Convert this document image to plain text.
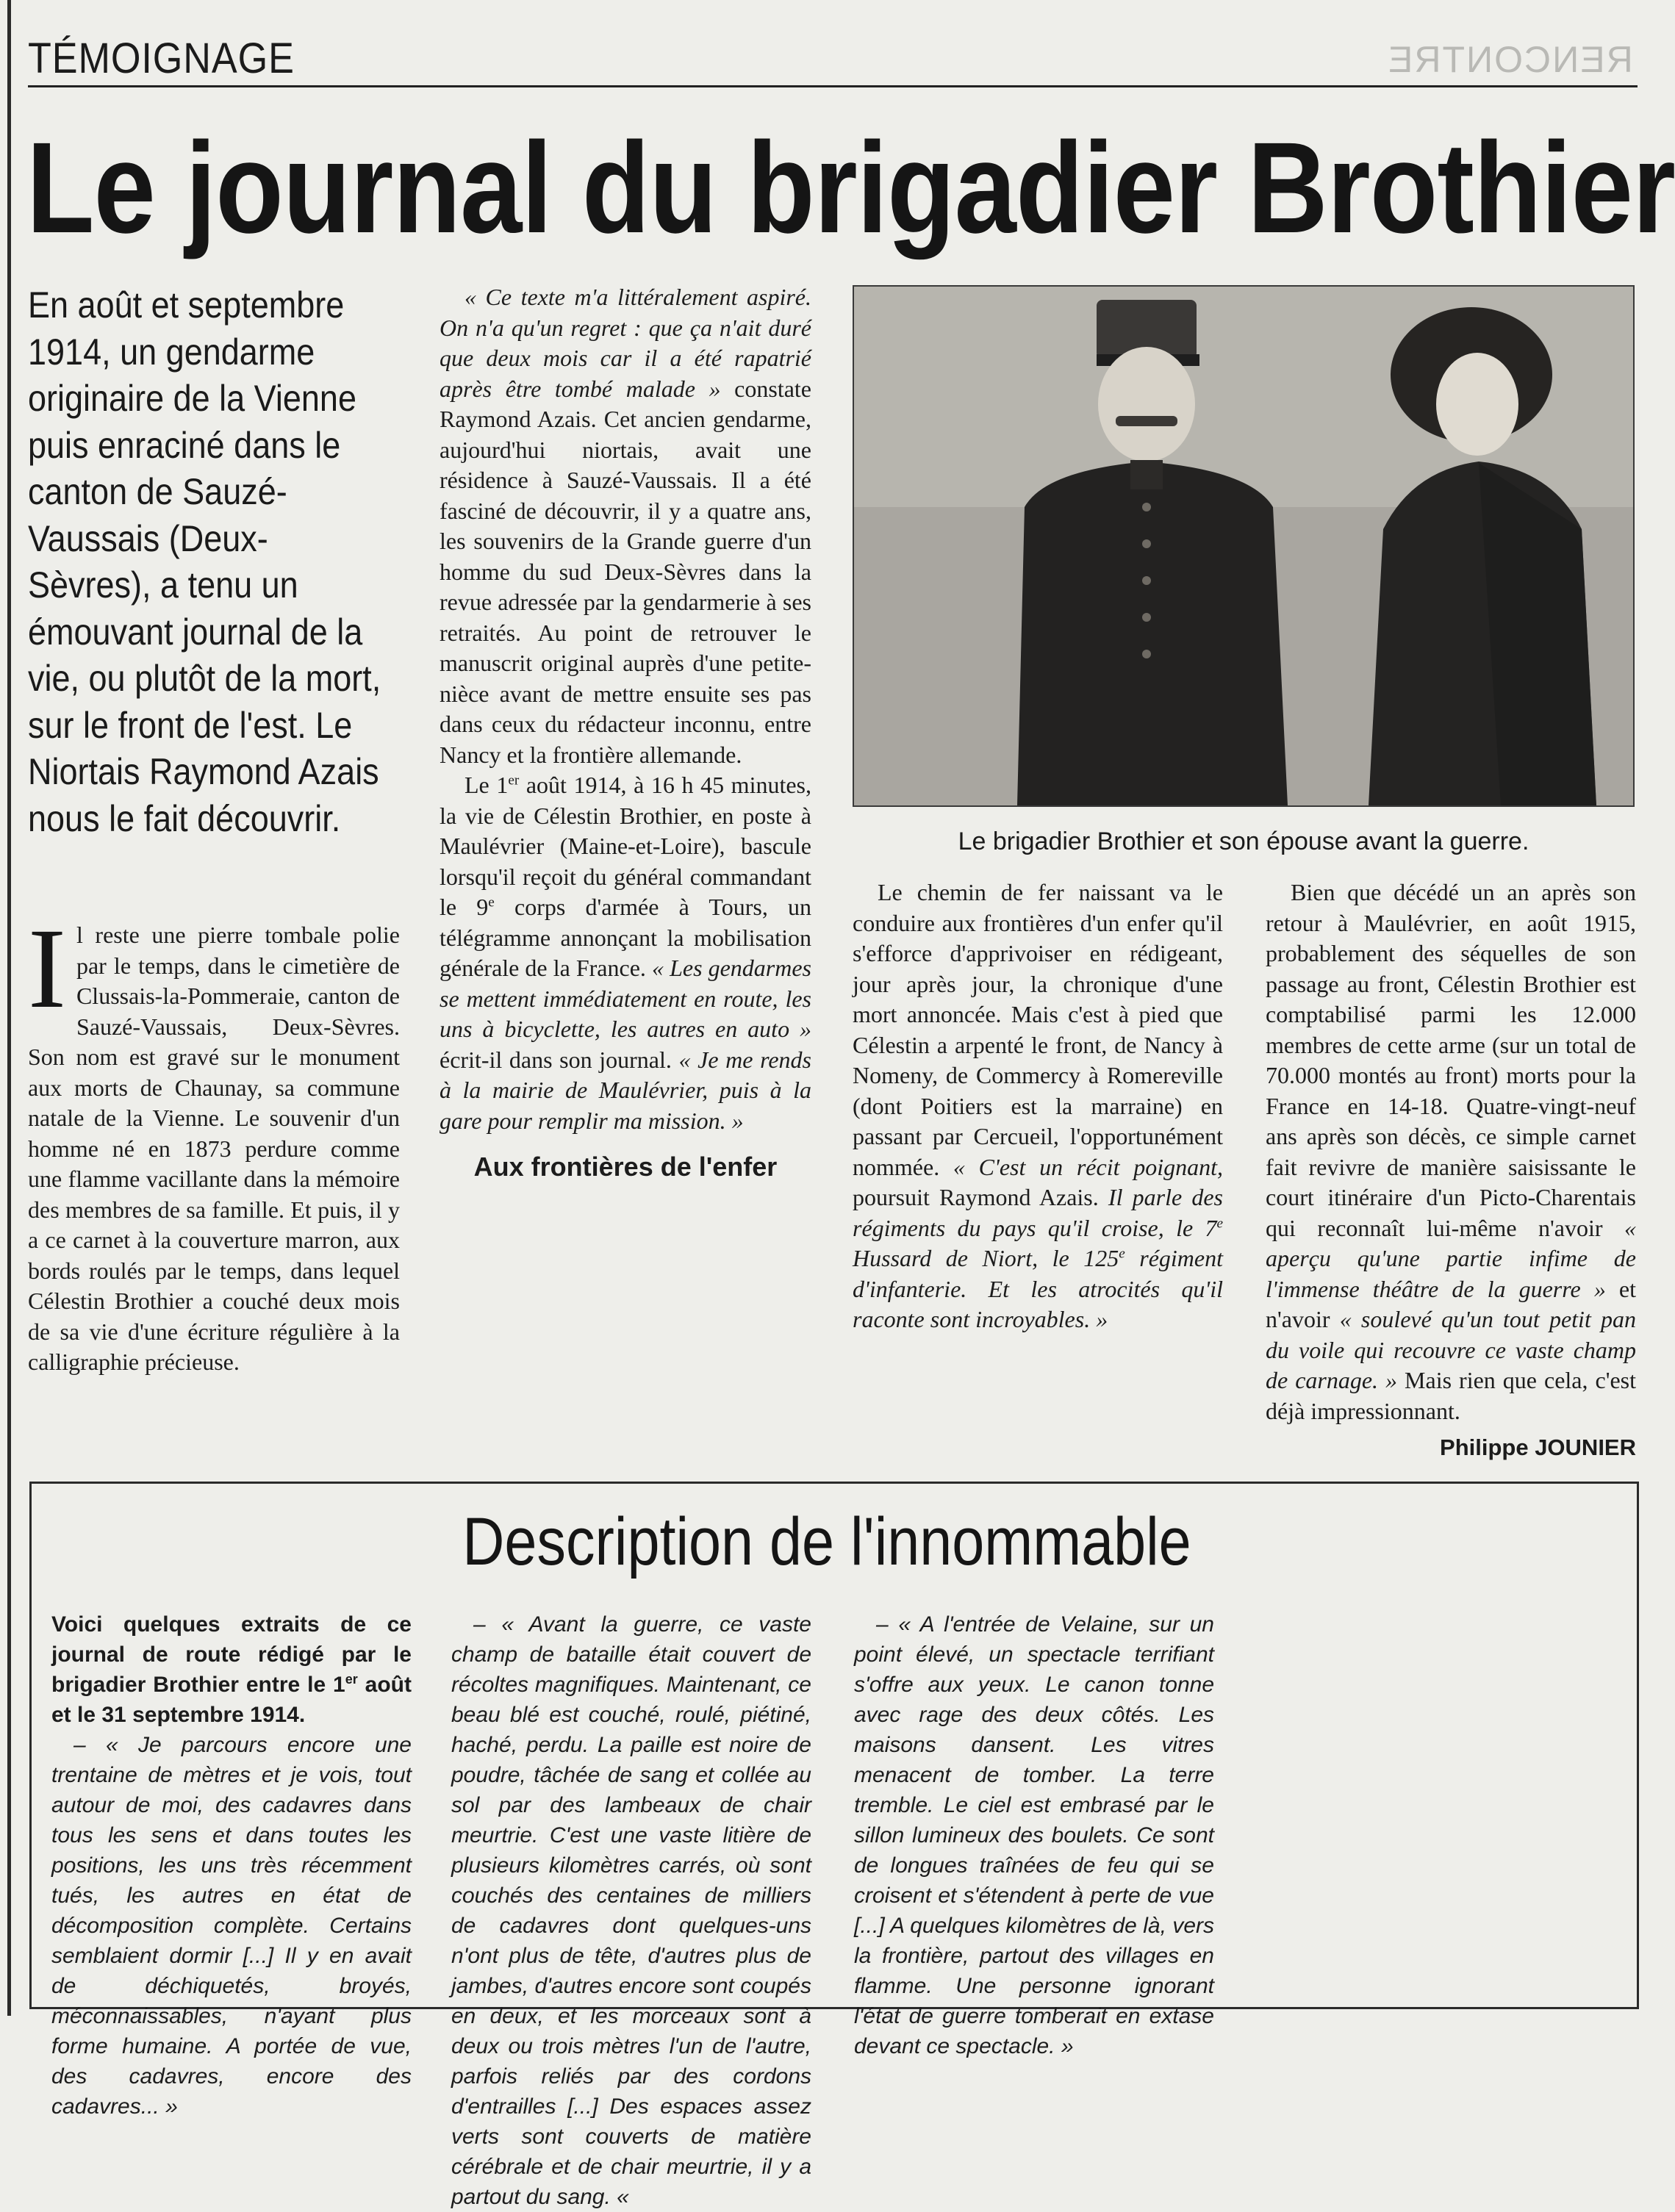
TÉMOIGNAGE	RENCONTRE
Le journal du brigadier Brothier
En août et septembre 1914, un gendarme originaire de la Vienne puis enraciné dans le canton de Sauzé-Vaussais (Deux-Sèvres), a tenu un émouvant journal de la vie, ou plutôt de la mort, sur le front de l'est. Le Niortais Raymond Azais nous le fait découvrir.

Il reste une pierre tombale polie par le temps, dans le cimetière de Clussais-la-Pommeraie, canton de Sauzé-Vaussais, Deux-Sèvres. Son nom est gravé sur le monument aux morts de Chaunay, sa commune natale de la Vienne. Le souvenir d'un homme né en 1873 perdure comme une flamme vacillante dans la mémoire des membres de sa famille. Et puis, il y a ce carnet à la couverture marron, aux bords roulés par le temps, dans lequel Célestin Brothier a couché deux mois de sa vie d'une écriture régulière à la calligraphie précieuse.

« Ce texte m'a littéralement aspiré. On n'a qu'un regret : que ça n'ait duré que deux mois car il a été rapatrié après être tombé malade » constate Raymond Azais. Cet ancien gendarme, aujourd'hui niortais, avait une résidence à Sauzé-Vaussais. Il a été fasciné de découvrir, il y a quatre ans, les souvenirs de la Grande guerre d'un homme du sud Deux-Sèvres dans la revue adressée par la gendarmerie à ses retraités. Au point de retrouver le manuscrit original auprès d'une petite-nièce avant de mettre ensuite ses pas dans ceux du rédacteur inconnu, entre Nancy et la frontière allemande.

Le 1er août 1914, à 16 h 45 minutes, la vie de Célestin Brothier, en poste à Maulévrier (Maine-et-Loire), bascule lorsqu'il reçoit du général commandant le 9e corps d'armée à Tours, un télégramme annonçant la mobilisation générale de la France. « Les gendarmes se mettent immédiatement en route, les uns à bicyclette, les autres en auto » écrit-il dans son journal. « Je me rends à la mairie de Maulévrier, puis à la gare pour remplir ma mission. »

Aux frontières de l'enfer

Le chemin de fer naissant va le conduire aux frontières d'un enfer qu'il s'efforce d'apprivoiser en rédigeant, jour après jour, la chronique d'une mort annoncée. Mais c'est à pied que Célestin a arpenté le front, de Nancy à Nomeny, de Commercy à Romereville (dont Poitiers est la marraine) en passant par Cercueil, l'opportunément nommée. « C'est un récit poignant, poursuit Raymond Azais. Il parle des régiments du pays qu'il croise, le 7e Hussard de Niort, le 125e régiment d'infanterie. Et les atrocités qu'il raconte sont incroyables. »

Bien que décédé un an après son retour à Maulévrier, en août 1915, probablement des séquelles de son passage au front, Célestin Brothier est comptabilisé parmi les 12.000 membres de cette arme (sur un total de 70.000 montés au front) morts pour la France en 14-18. Quatre-vingt-neuf ans après son décès, ce simple carnet fait revivre de manière saisissante le court itinéraire d'un Picto-Charentais qui reconnaît lui-même n'avoir « aperçu qu'une partie infime de l'immense théâtre de la guerre » et n'avoir « soulevé qu'un tout petit pan du voile qui recouvre ce vaste champ de carnage. » Mais rien que cela, c'est déjà impressionnant.

Philippe JOUNIER
Le brigadier Brothier et son épouse avant la guerre.
Description de l'innommable

Voici quelques extraits de ce journal de route rédigé par le brigadier Brothier entre le 1er août et le 31 septembre 1914.

– « Je parcours encore une trentaine de mètres et je vois, tout autour de moi, des cadavres dans tous les sens et dans toutes les positions, les uns très récemment tués, les autres en état de décomposition complète. Certains semblaient dormir [...] Il y en avait de déchiquetés, broyés, méconnaissables, n'ayant plus forme humaine. A portée de vue, des cadavres, encore des cadavres... »

– « Avant la guerre, ce vaste champ de bataille était couvert de récoltes magnifiques. Maintenant, ce beau blé est couché, roulé, piétiné, haché, perdu. La paille est noire de poudre, tâchée de sang et collée au sol par des lambeaux de chair meurtrie. C'est une vaste litière de plusieurs kilomètres carrés, où sont couchés des centaines de milliers de cadavres dont quelques-uns n'ont plus de tête, d'autres plus de jambes, d'autres encore sont coupés en deux, et les morceaux sont à deux ou trois mètres l'un de l'autre, parfois reliés par des cordons d'entrailles [...] Des espaces assez verts sont couverts de matière cérébrale et de chair meurtrie, il y a partout du sang. «

– « A l'entrée de Velaine, sur un point élevé, un spectacle terrifiant s'offre aux yeux. Le canon tonne avec rage des deux côtés. Les maisons dansent. Les vitres menacent de tomber. La terre tremble. Le ciel est embrasé par le sillon lumineux des boulets. Ce sont de longues traînées de feu qui se croisent et s'étendent à perte de vue [...] A quelques kilomètres de là, vers la frontière, partout des villages en flamme. Une personne ignorant l'état de guerre tomberait en extase devant ce spectacle. »
